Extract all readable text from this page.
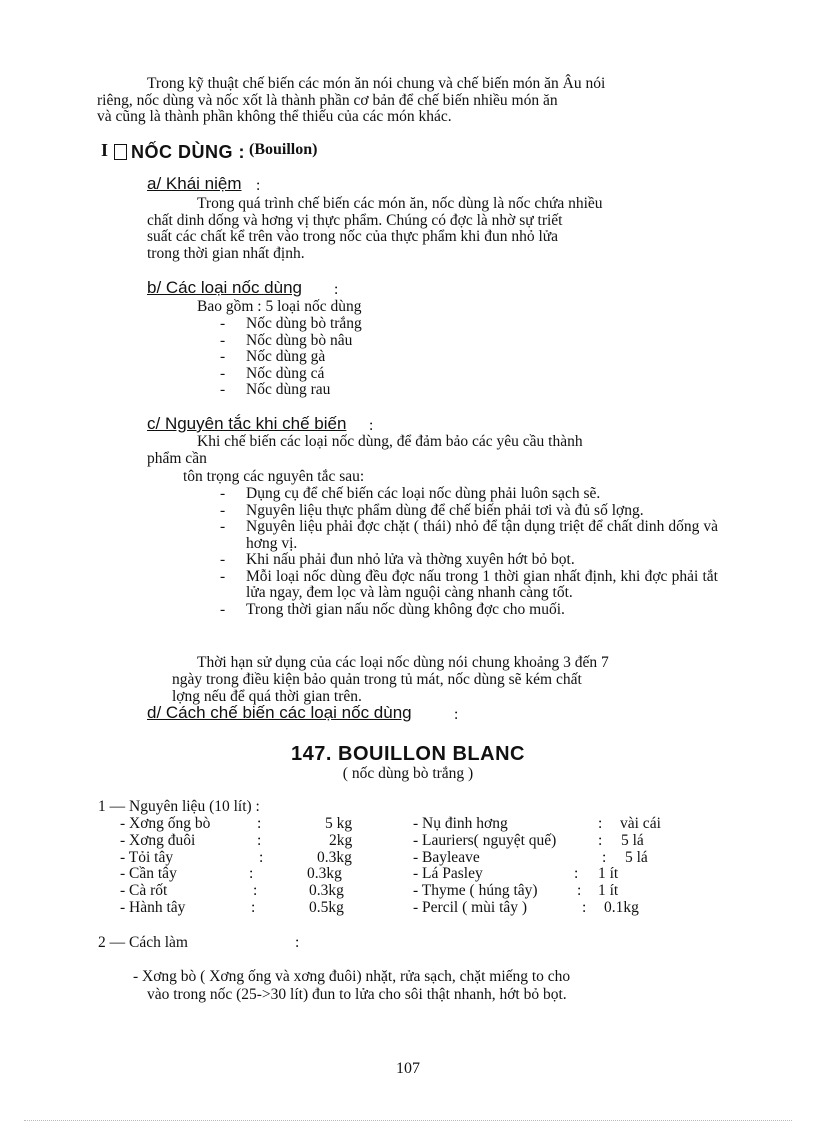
Trong kỹ thuật chế biến các món ăn nói chung và chế biến món ăn Âu nói

riêng, nốc dùng và nốc xốt là thành phần cơ bản để chế biến nhiều món ăn

và cũng là thành phần không thể thiếu của các món khác.

I NỐC DÙNG : (Bouillon)
a/ Khái niệm :

Trong quá trình chế biến các món ăn, nốc dùng là nốc chứa nhiều

chất dinh dống và hơng vị thực phẩm. Chúng có đợc là nhờ sự triết

suất các chất kể trên vào trong nốc của thực phẩm khi đun nhỏ lửa

trong thời gian nhất định.

b/ Các loại nốc dùng :
Bao gồm : 5 loại nốc dùng
- Nốc dùng bò trắng
- Nốc dùng bò nâu
- Nốc dùng gà
- Nốc dùng cá
- Nốc dùng rau
c/ Nguyên tắc khi chế biến :
Khi chế biến các loại nốc dùng, để đảm bảo các yêu cầu thành
phẩm cần
tôn trọng các nguyên tắc sau:
- Dụng cụ để chế biến các loại nốc dùng phải luôn sạch sẽ.
- Nguyên liệu thực phẩm dùng để chế biến phải tơi và đủ số lợng.
- Nguyên liệu phải đợc chặt ( thái) nhỏ để tận dụng triệt để chất dinh dống và hơng vị.
- Khi nấu phải đun nhỏ lửa và thờng xuyên hớt bỏ bọt.
- Mỗi loại nốc dùng đều đợc nấu trong 1 thời gian nhất định, khi đợc phải tắt lửa ngay, đem lọc và làm nguội càng nhanh càng tốt.
- Trong thời gian nấu nốc dùng không đợc cho muối.
Thời hạn sử dụng của các loại nốc dùng nói chung khoảng 3 đến 7
ngày trong điều kiện bảo quản trong tủ mát, nốc dùng sẽ kém chất
lợng nếu để quá thời gian trên.
d/ Cách chế biến các loại nốc dùng	:
147. BOUILLON BLANC
( nốc dùng bò trắng )
1 — Nguyên liệu (10 lít) :
- Xơng ống bò	:	5 kg
- Xơng đuôi	:	2kg
- Tỏi tây	:	0.3kg
- Cần tây	:	0.3kg
- Cà rốt	:	0.3kg
- Hành tây	:	0.5kg
- Nụ đinh hơng	: vài cái
- Lauriers( nguyệt quế)	: 5 lá
- Bayleave	: 5 lá
- Lá Pasley	: 1 ít
- Thyme ( húng tây)	: 1 ít
- Percil ( mùi tây )	: 0.1kg
2 — Cách làm	:
- Xơng bò ( Xơng ống và xơng đuôi) nhặt, rửa sạch, chặt miếng to cho
vào trong nốc (25->30 lít) đun to lửa cho sôi thật nhanh, hớt bỏ bọt.
107
